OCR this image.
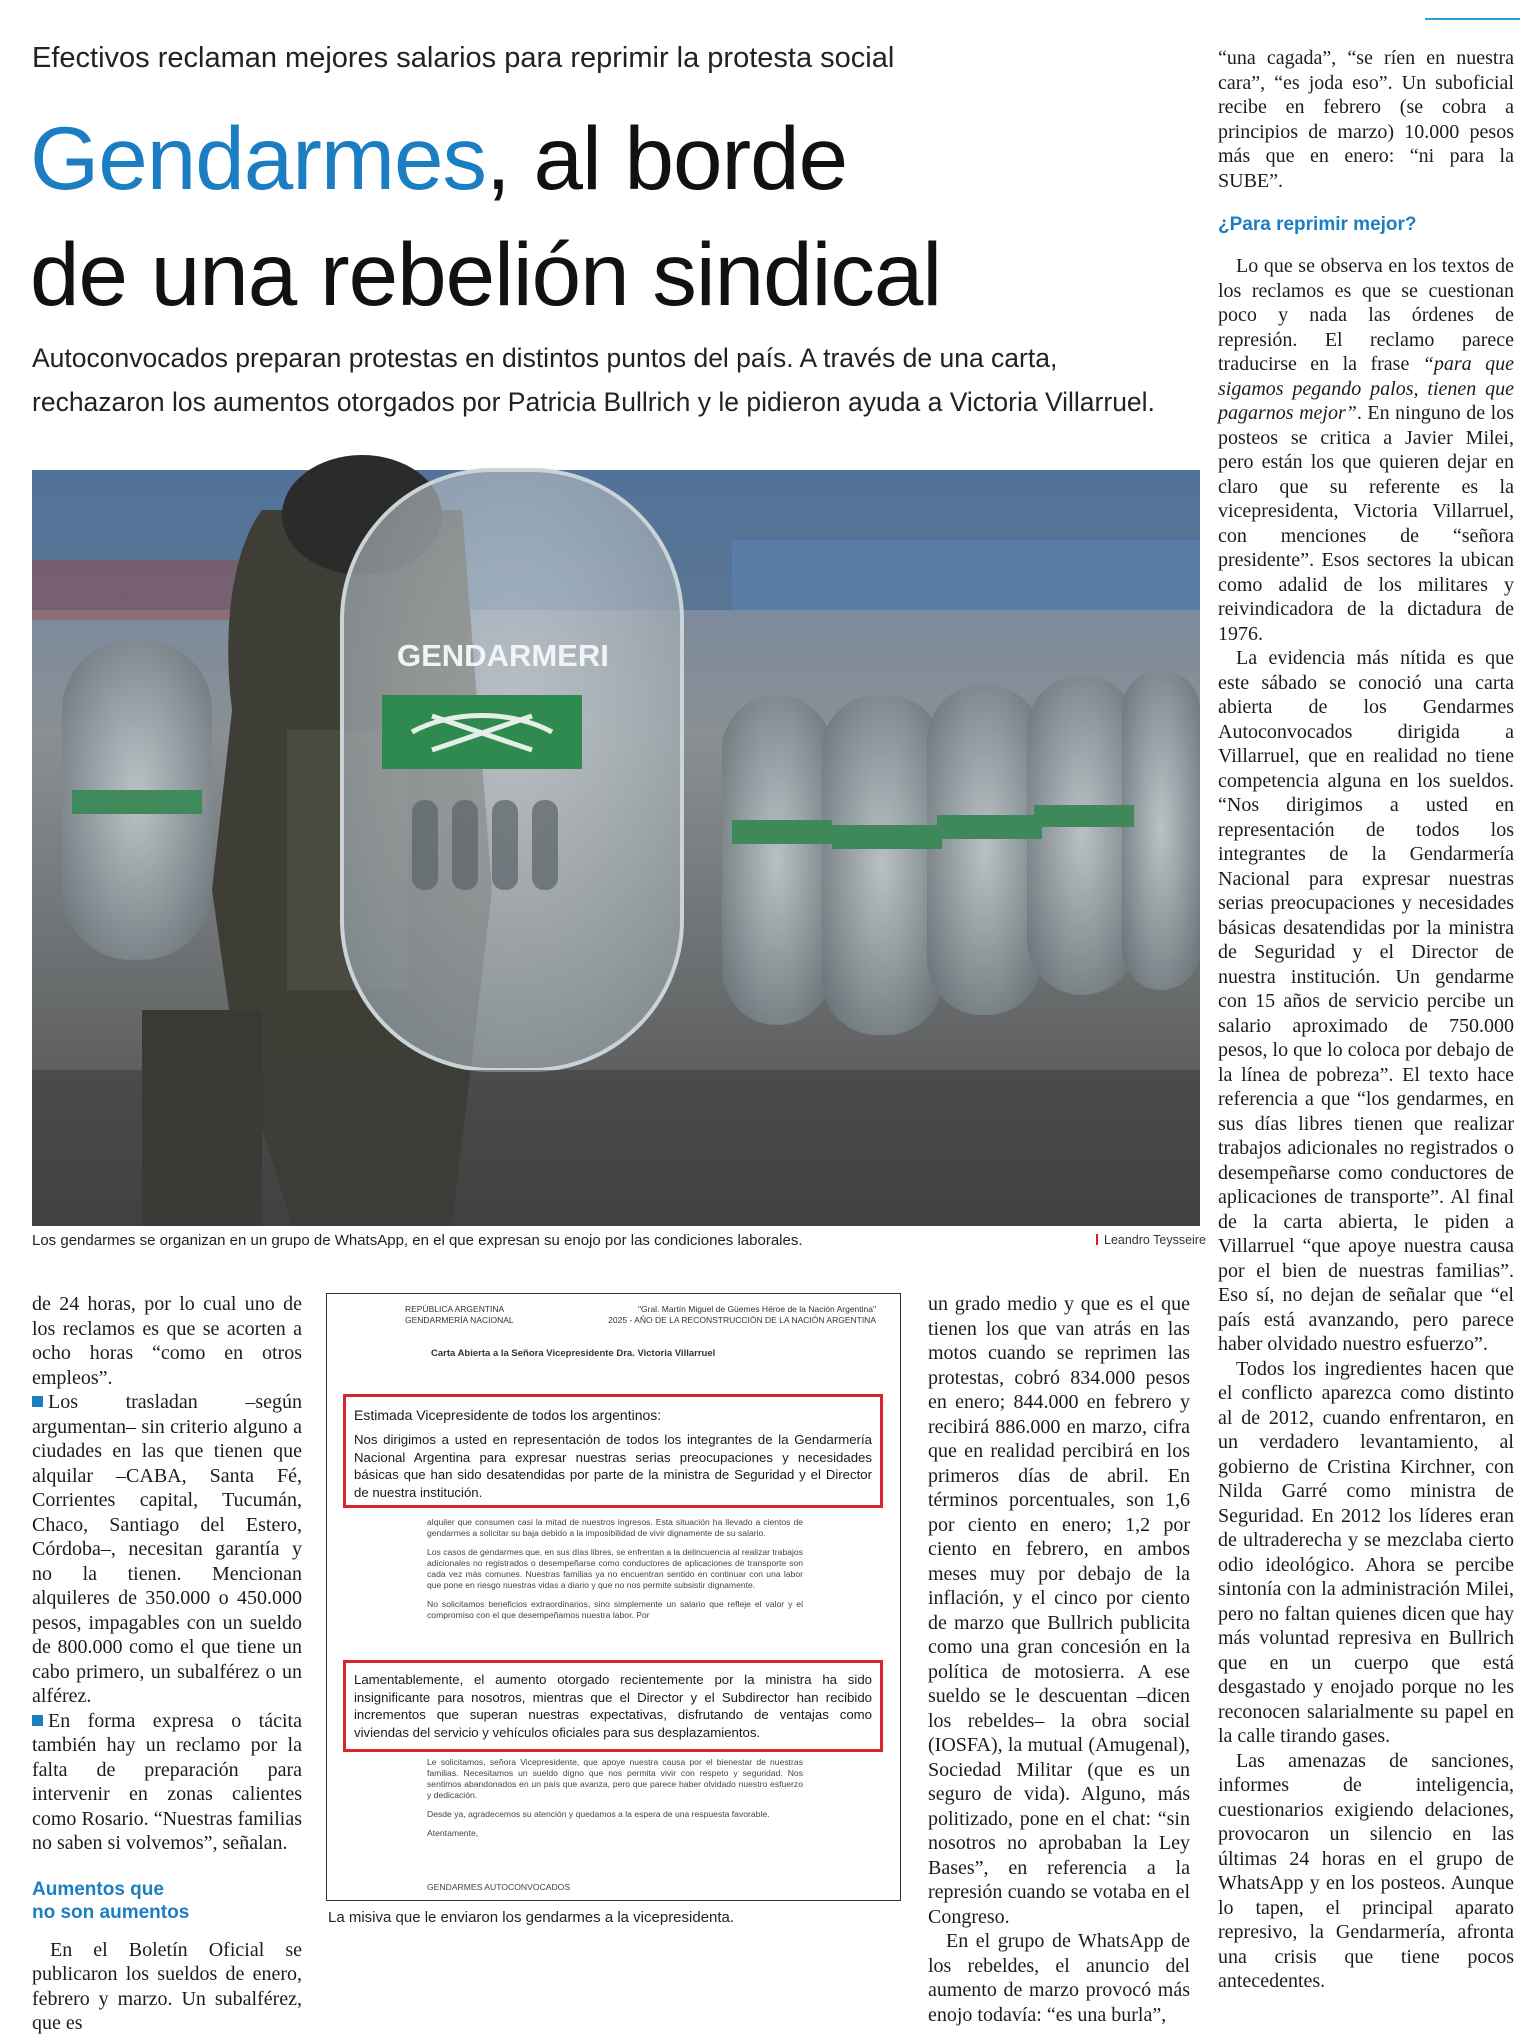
Efectivos reclaman mejores salarios para reprimir la protesta social
Gendarmes, al borde
de una rebelión sindical
Autoconvocados preparan protestas en distintos puntos del país. A través de una carta, rechazaron los aumentos otorgados por Patricia Bullrich y le pidieron ayuda a Victoria Villarruel.
GENDARMERI
Los gendarmes se organizan en un grupo de WhatsApp, en el que expresan su enojo por las condiciones laborales.	Leandro Teysseire

de 24 horas, por lo cual uno de los reclamos es que se acorten a ocho horas “como en otros empleos”.

Los trasladan –según argumentan– sin criterio alguno a ciudades en las que tienen que alquilar –CABA, Santa Fé, Corrientes capital, Tucumán, Chaco, Santiago del Estero, Córdoba–, necesitan garantía y no la tienen. Mencionan alquileres de 350.000 o 450.000 pesos, impagables con un sueldo de 800.000 como el que tiene un cabo primero, un subalférez o un alférez.

En forma expresa o tácita también hay un reclamo por la falta de preparación para intervenir en zonas calientes como Rosario. “Nuestras familias no saben si volvemos”, señalan.

Aumentos que
no son aumentos

En el Boletín Oficial se publicaron los sueldos de enero, febrero y marzo. Un subalférez, que es

REPÚBLICA ARGENTINA
GENDARMERÍA NACIONAL
"Gral. Martín Miguel de Güemes Héroe de la Nación Argentina"
2025 - AÑO DE LA RECONSTRUCCIÓN DE LA NACIÓN ARGENTINA
Carta Abierta a la Señora Vicepresidente Dra. Victoria Villarruel
Estimada Vicepresidente de todos los argentinos:
Nos dirigimos a usted en representación de todos los integrantes de la Gendarmería Nacional Argentina para expresar nuestras serias preocupaciones y necesidades básicas que han sido desatendidas por parte de la ministra de Seguridad y el Director de nuestra institución.

alquiler que consumen casi la mitad de nuestros ingresos. Esta situación ha llevado a cientos de gendarmes a solicitar su baja debido a la imposibilidad de vivir dignamente de su salario.

Los casos de gendarmes que, en sus días libres, se enfrentan a la delincuencia al realizar trabajos adicionales no registrados o desempeñarse como conductores de aplicaciones de transporte son cada vez más comunes. Nuestras familias ya no encuentran sentido en continuar con una labor que pone en riesgo nuestras vidas a diario y que no nos permite subsistir dignamente.

No solicitamos beneficios extraordinarios, sino simplemente un salario que refleje el valor y el compromiso con el que desempeñamos nuestra labor. Por

Lamentablemente, el aumento otorgado recientemente por la ministra ha sido insignificante para nosotros, mientras que el Director y el Subdirector han recibido incrementos que superan nuestras expectativas, disfrutando de ventajas como viviendas del servicio y vehículos oficiales para sus desplazamientos.

Le solicitamos, señora Vicepresidente, que apoye nuestra causa por el bienestar de nuestras familias. Necesitamos un sueldo digno que nos permita vivir con respeto y seguridad. Nos sentimos abandonados en un país que avanza, pero que parece haber olvidado nuestro esfuerzo y dedicación.

Desde ya, agradecemos su atención y quedamos a la espera de una respuesta favorable.

Atentamente,

GENDARMES AUTOCONVOCADOS
La misiva que le enviaron los gendarmes a la vicepresidenta.

un grado medio y que es el que tienen los que van atrás en las motos cuando se reprimen las protestas, cobró 834.000 pesos en enero; 844.000 en febrero y recibirá 886.000 en marzo, cifra que en realidad percibirá en los primeros días de abril. En términos porcentuales, son 1,6 por ciento en enero; 1,2 por ciento en febrero, en ambos meses muy por debajo de la inflación, y el cinco por ciento de marzo que Bullrich publicita como una gran concesión en la política de motosierra. A ese sueldo se le descuentan –dicen los rebeldes– la obra social (IOSFA), la mutual (Amugenal), Sociedad Militar (que es un seguro de vida). Alguno, más politizado, pone en el chat: “sin nosotros no aprobaban la Ley Bases”, en referencia a la represión cuando se votaba en el Congreso.

En el grupo de WhatsApp de los rebeldes, el anuncio del aumento de marzo provocó más enojo todavía: “es una burla”,

“una cagada”, “se ríen en nuestra cara”, “es joda eso”. Un suboficial recibe en febrero (se cobra a principios de marzo) 10.000 pesos más que en enero: “ni para la SUBE”.

¿Para reprimir mejor?

Lo que se observa en los textos de los reclamos es que se cuestionan poco y nada las órdenes de represión. El reclamo parece traducirse en la frase “para que sigamos pegando palos, tienen que pagarnos mejor”. En ninguno de los posteos se critica a Javier Milei, pero están los que quieren dejar en claro que su referente es la vicepresidenta, Victoria Villarruel, con menciones de “señora presidente”. Esos sectores la ubican como adalid de los militares y reivindicadora de la dictadura de 1976.

La evidencia más nítida es que este sábado se conoció una carta abierta de los Gendarmes Autoconvocados dirigida a Villarruel, que en realidad no tiene competencia alguna en los sueldos. “Nos dirigimos a usted en representación de todos los integrantes de la Gendarmería Nacional para expresar nuestras serias preocupaciones y necesidades básicas desatendidas por la ministra de Seguridad y el Director de nuestra institución. Un gendarme con 15 años de servicio percibe un salario aproximado de 750.000 pesos, lo que lo coloca por debajo de la línea de pobreza”. El texto hace referencia a que “los gendarmes, en sus días libres tienen que realizar trabajos adicionales no registrados o desempeñarse como conductores de aplicaciones de transporte”. Al final de la carta abierta, le piden a Villarruel “que apoye nuestra causa por el bien de nuestras familias”. Eso sí, no dejan de señalar que “el país está avanzando, pero parece haber olvidado nuestro esfuerzo”.

Todos los ingredientes hacen que el conflicto aparezca como distinto al de 2012, cuando enfrentaron, en un verdadero levantamiento, al gobierno de Cristina Kirchner, con Nilda Garré como ministra de Seguridad. En 2012 los líderes eran de ultraderecha y se mezclaba cierto odio ideológico. Ahora se percibe sintonía con la administración Milei, pero no faltan quienes dicen que hay más voluntad represiva en Bullrich que en un cuerpo que está desgastado y enojado porque no les reconocen salarialmente su papel en la calle tirando gases.

Las amenazas de sanciones, informes de inteligencia, cuestionarios exigiendo delaciones, provocaron un silencio en las últimas 24 horas en el grupo de WhatsApp y en los posteos. Aunque lo tapen, el principal aparato represivo, la Gendarmería, afronta una crisis que tiene pocos antecedentes.
